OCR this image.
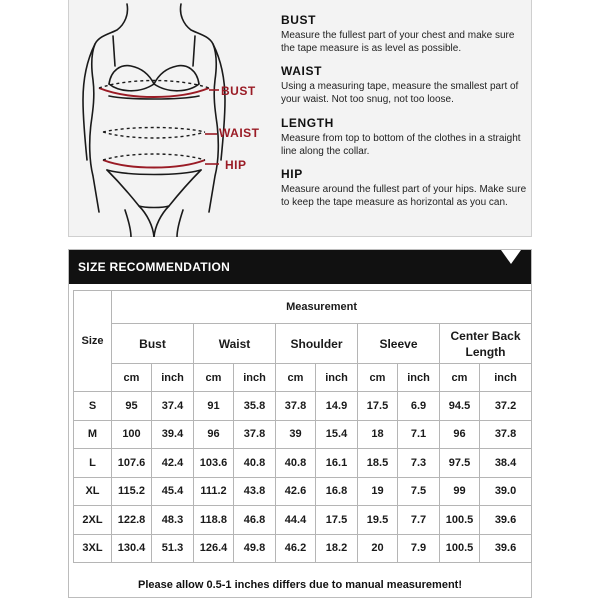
BUST
WAIST
HIP
BUST

Measure the fullest part of your chest and make sure the tape measure is as level as possible.

WAIST

Using a measuring tape, measure the smallest part of your waist. Not too snug, not too loose.

LENGTH

Measure from top to bottom of the clothes in a straight line along the collar.

HIP

Measure around the fullest part of your hips. Make sure to keep the tape measure as horizontal as you can.

SIZE RECOMMENDATION
Size	Measurement									
	Bust		Waist		Shoulder		Sleeve		Center Back Length	
	cm	inch	cm	inch	cm	inch	cm	inch	cm	inch
S	95	37.4	91	35.8	37.8	14.9	17.5	6.9	94.5	37.2
M	100	39.4	96	37.8	39	15.4	18	7.1	96	37.8
L	107.6	42.4	103.6	40.8	40.8	16.1	18.5	7.3	97.5	38.4
XL	115.2	45.4	111.2	43.8	42.6	16.8	19	7.5	99	39.0
2XL	122.8	48.3	118.8	46.8	44.4	17.5	19.5	7.7	100.5	39.6
3XL	130.4	51.3	126.4	49.8	46.2	18.2	20	7.9	100.5	39.6
Please allow 0.5-1 inches differs due to manual measurement!
